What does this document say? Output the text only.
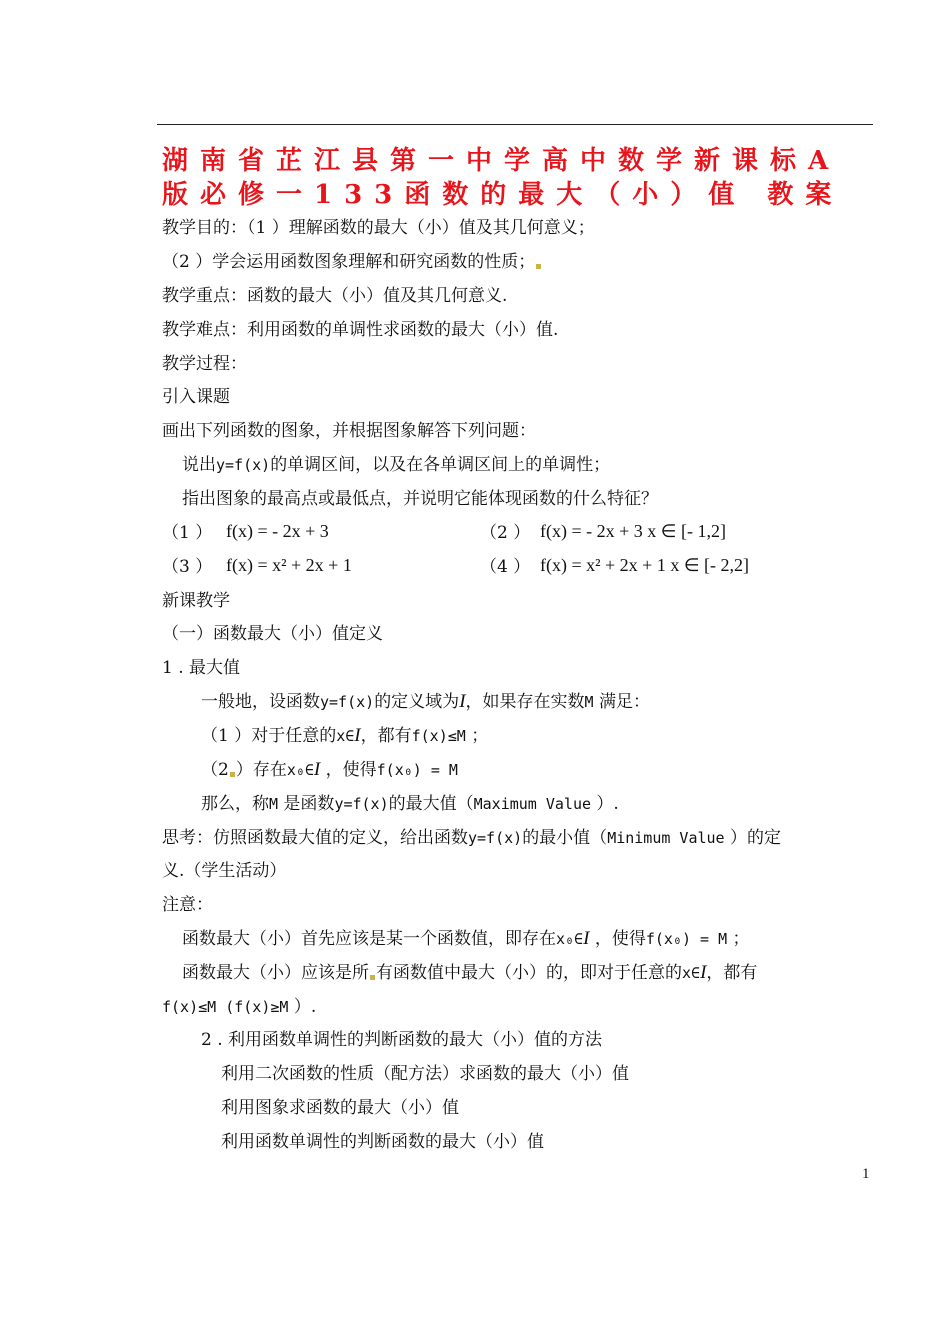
湖南省芷江县第一中学高中数学新课标A
版必修一133函数的最大（小）值 教案
教学目的：（1 ）理解函数的最大（小）值及其几何意义；
（2 ）学会运用函数图象理解和研究函数的性质；
教学重点：函数的最大（小）值及其几何意义.
教学难点：利用函数的单调性求函数的最大（小）值.
教学过程：
引入课题
画出下列函数的图象，并根据图象解答下列问题：
说出y=f(x)的单调区间，以及在各单调区间上的单调性；
指出图象的最高点或最低点，并说明它能体现函数的什么特征？
（1 ） f(x) = - 2x + 3	（2 ） f(x) = - 2x + 3 x ∈ [- 1,2]
（3 ） f(x) = x² + 2x + 1	（4 ） f(x) = x² + 2x + 1 x ∈ [- 2,2]
新课教学
（一）函数最大（小）值定义
1 . 最大值
一般地，设函数y=f(x)的定义域为I，如果存在实数M 满足：
（1 ）对于任意的x∈I，都有f(x)≤M ；
（2 ）存在x₀∈I ，使得f(x₀) = M
那么，称M 是函数y=f(x)的最大值（Maximum Value ）.
思考：仿照函数最大值的定义，给出函数y=f(x)的最小值（Minimum Value ）的定
义.（学生活动）
注意：
函数最大（小）首先应该是某一个函数值，即存在x₀∈I ，使得f(x₀) = M ；
函数最大（小）应该是所 有函数值中最大（小）的，即对于任意的x∈I，都有
f(x)≤M (f(x)≥M ）.
2 . 利用函数单调性的判断函数的最大（小）值的方法
利用二次函数的性质（配方法）求函数的最大（小）值
利用图象求函数的最大（小）值
利用函数单调性的判断函数的最大（小）值
1
